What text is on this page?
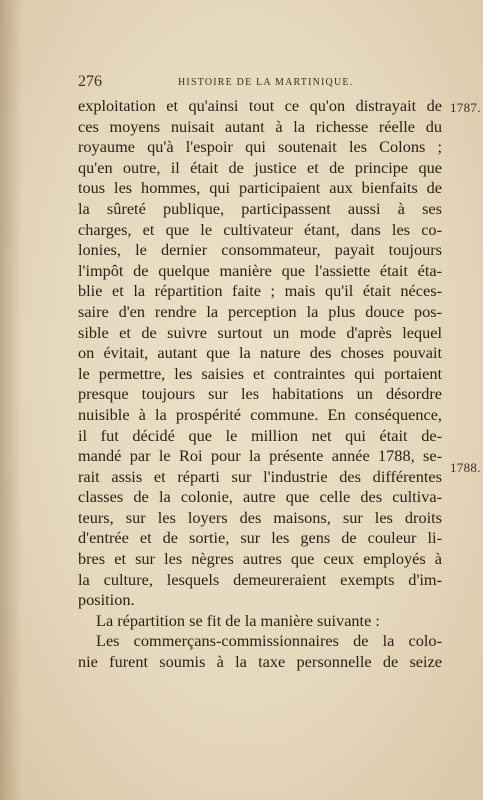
276	HISTOIRE DE LA MARTINIQUE.
exploitation et qu'ainsi tout ce qu'on distrayait de
ces moyens nuisait autant à la richesse réelle du
royaume qu'à l'espoir qui soutenait les Colons ;
qu'en outre, il était de justice et de principe que
tous les hommes, qui participaient aux bienfaits de
la sûreté publique, participassent aussi à ses
charges, et que le cultivateur étant, dans les co-
lonies, le dernier consommateur, payait toujours
l'impôt de quelque manière que l'assiette était éta-
blie et la répartition faite ; mais qu'il était néces-
saire d'en rendre la perception la plus douce pos-
sible et de suivre surtout un mode d'après lequel
on évitait, autant que la nature des choses pouvait
le permettre, les saisies et contraintes qui portaient
presque toujours sur les habitations un désordre
nuisible à la prospérité commune. En conséquence,
il fut décidé que le million net qui était de-
mandé par le Roi pour la présente année 1788, se-
rait assis et réparti sur l'industrie des différentes
classes de la colonie, autre que celle des cultiva-
teurs, sur les loyers des maisons, sur les droits
d'entrée et de sortie, sur les gens de couleur li-
bres et sur les nègres autres que ceux employés à
la culture, lesquels demeureraient exempts d'im-
position.
La répartition se fit de la manière suivante :
Les commerçans-commissionnaires de la colo-
nie furent soumis à la taxe personnelle de seize
1787.
1788.
